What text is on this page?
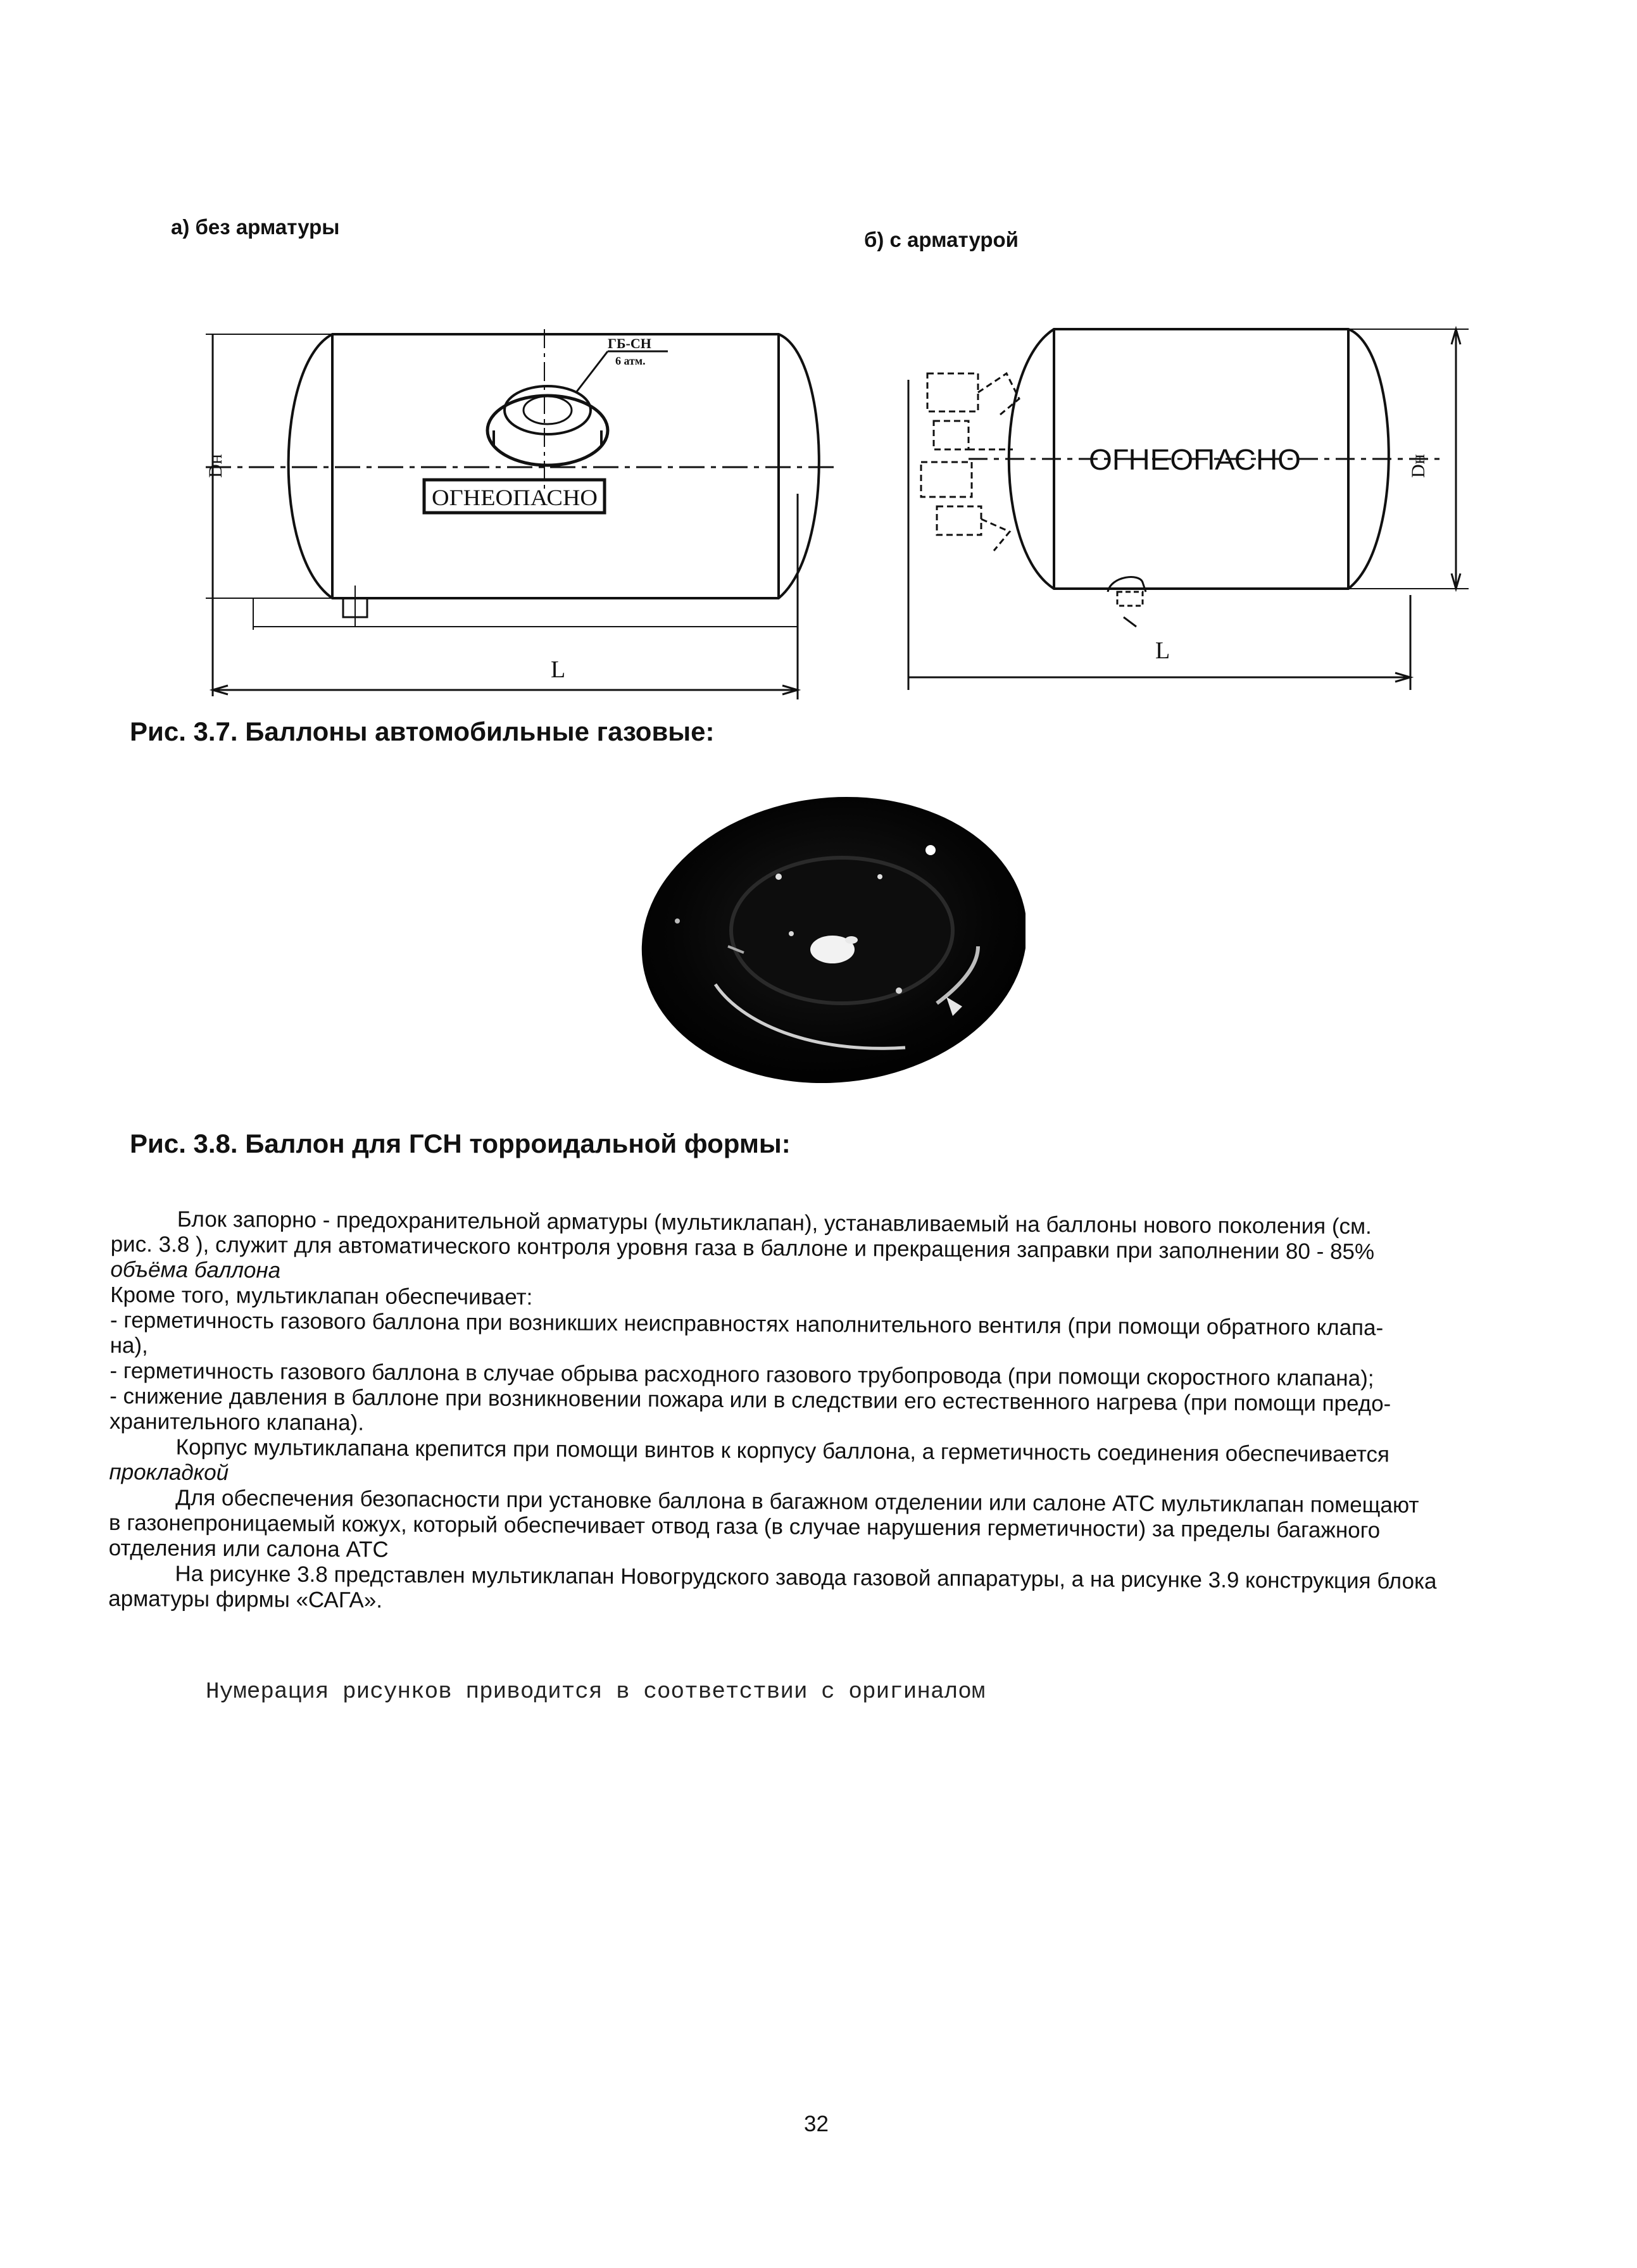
а) без арматуры
б) с арматурой
L
Dн
ГБ-СН
6 атм.
ОГНЕОПАСНО
ОГНЕОПАСНО
L
Dн
Рис. 3.7. Баллоны автомобильные газовые:
Рис. 3.8. Баллон для ГСН торроидальной формы:

Блок запорно - предохранительной арматуры (мультиклапан), устанавливаемый на баллоны нового поколения (см.

рис. 3.8 ), служит для автоматического контроля уровня газа в баллоне и прекращения заправки при заполнении 80 - 85%

объёма баллона

Кроме того, мультиклапан обеспечивает:

- герметичность газового баллона при возникших неисправностях наполнительного вентиля (при помощи обратного клапа-

на),

- герметичность газового баллона в случае обрыва расходного газового трубопровода (при помощи скоростного клапана);

- снижение давления в баллоне при возникновении пожара или в следствии его естественного нагрева (при помощи предо-

хранительного клапана).

Корпус мультиклапана крепится при помощи винтов к корпусу баллона, а герметичность соединения обеспечивается

прокладкой

Для обеспечения безопасности при установке баллона в багажном отделении или салоне АТС мультиклапан помещают

в газонепроницаемый кожух, который обеспечивает отвод газа (в случае нарушения герметичности) за пределы багажного

отделения или салона АТС

На рисунке 3.8 представлен мультиклапан Новогрудского завода газовой аппаратуры, а на рисунке 3.9 конструкция блока

арматуры фирмы «САГА».

Нумерация рисунков приводится в соответствии с оригиналом
32
